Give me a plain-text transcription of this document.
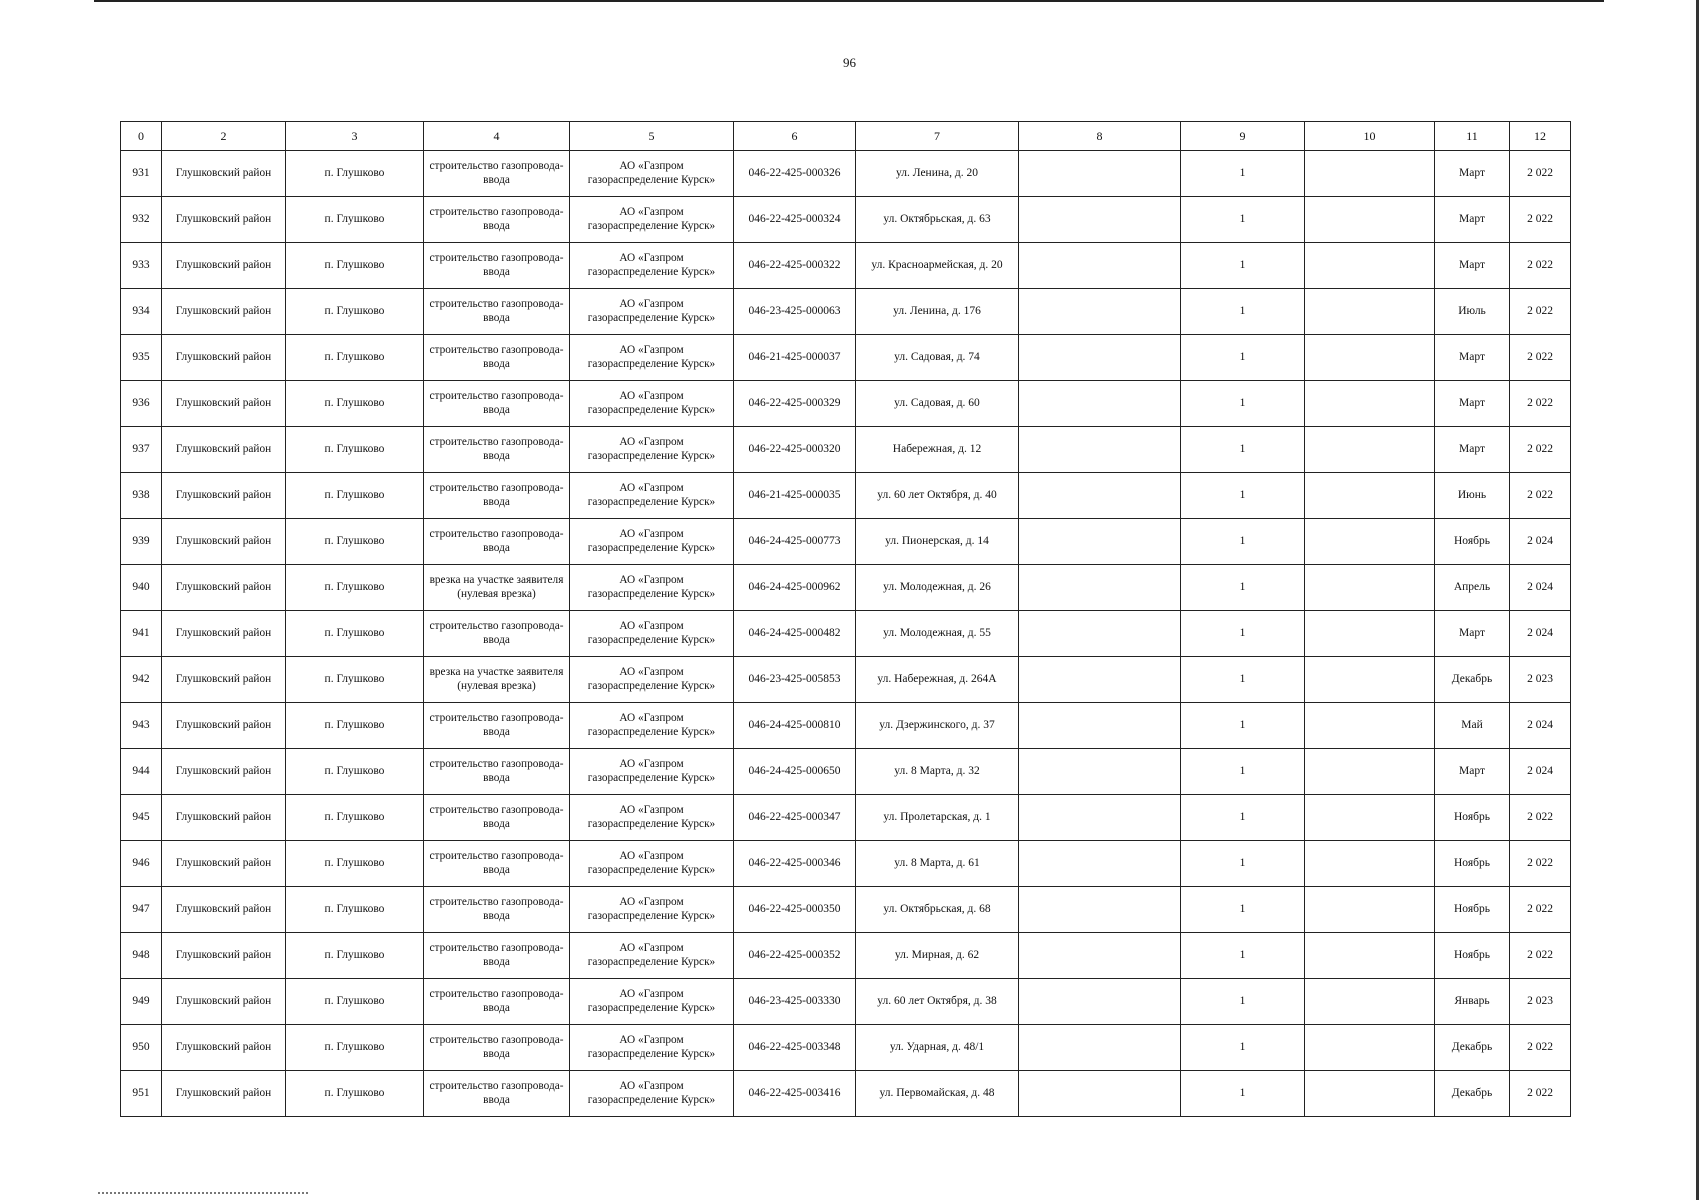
96
0	2	3	4	5	6	7	8	9	10	11	12
931	Глушковский район	п. Глушково	строительство газопровода-ввода	АО «Газпром газораспределение Курск»	046-22-425-000326	ул. Ленина, д. 20		1		Март	2 022
932	Глушковский район	п. Глушково	строительство газопровода-ввода	АО «Газпром газораспределение Курск»	046-22-425-000324	ул. Октябрьская, д. 63		1		Март	2 022
933	Глушковский район	п. Глушково	строительство газопровода-ввода	АО «Газпром газораспределение Курск»	046-22-425-000322	ул. Красноармейская, д. 20		1		Март	2 022
934	Глушковский район	п. Глушково	строительство газопровода-ввода	АО «Газпром газораспределение Курск»	046-23-425-000063	ул. Ленина, д. 176		1		Июль	2 022
935	Глушковский район	п. Глушково	строительство газопровода-ввода	АО «Газпром газораспределение Курск»	046-21-425-000037	ул. Садовая, д. 74		1		Март	2 022
936	Глушковский район	п. Глушково	строительство газопровода-ввода	АО «Газпром газораспределение Курск»	046-22-425-000329	ул. Садовая, д. 60		1		Март	2 022
937	Глушковский район	п. Глушково	строительство газопровода-ввода	АО «Газпром газораспределение Курск»	046-22-425-000320	Набережная, д. 12		1		Март	2 022
938	Глушковский район	п. Глушково	строительство газопровода-ввода	АО «Газпром газораспределение Курск»	046-21-425-000035	ул. 60 лет Октября, д. 40		1		Июнь	2 022
939	Глушковский район	п. Глушково	строительство газопровода-ввода	АО «Газпром газораспределение Курск»	046-24-425-000773	ул. Пионерская, д. 14		1		Ноябрь	2 024
940	Глушковский район	п. Глушково	врезка на участке заявителя (нулевая врезка)	АО «Газпром газораспределение Курск»	046-24-425-000962	ул. Молодежная, д. 26		1		Апрель	2 024
941	Глушковский район	п. Глушково	строительство газопровода-ввода	АО «Газпром газораспределение Курск»	046-24-425-000482	ул. Молодежная, д. 55		1		Март	2 024
942	Глушковский район	п. Глушково	врезка на участке заявителя (нулевая врезка)	АО «Газпром газораспределение Курск»	046-23-425-005853	ул. Набережная, д. 264А		1		Декабрь	2 023
943	Глушковский район	п. Глушково	строительство газопровода-ввода	АО «Газпром газораспределение Курск»	046-24-425-000810	ул. Дзержинского, д. 37		1		Май	2 024
944	Глушковский район	п. Глушково	строительство газопровода-ввода	АО «Газпром газораспределение Курск»	046-24-425-000650	ул. 8 Марта, д. 32		1		Март	2 024
945	Глушковский район	п. Глушково	строительство газопровода-ввода	АО «Газпром газораспределение Курск»	046-22-425-000347	ул. Пролетарская, д. 1		1		Ноябрь	2 022
946	Глушковский район	п. Глушково	строительство газопровода-ввода	АО «Газпром газораспределение Курск»	046-22-425-000346	ул. 8 Марта, д. 61		1		Ноябрь	2 022
947	Глушковский район	п. Глушково	строительство газопровода-ввода	АО «Газпром газораспределение Курск»	046-22-425-000350	ул. Октябрьская, д. 68		1		Ноябрь	2 022
948	Глушковский район	п. Глушково	строительство газопровода-ввода	АО «Газпром газораспределение Курск»	046-22-425-000352	ул. Мирная, д. 62		1		Ноябрь	2 022
949	Глушковский район	п. Глушково	строительство газопровода-ввода	АО «Газпром газораспределение Курск»	046-23-425-003330	ул. 60 лет Октября, д. 38		1		Январь	2 023
950	Глушковский район	п. Глушково	строительство газопровода-ввода	АО «Газпром газораспределение Курск»	046-22-425-003348	ул. Ударная, д. 48/1		1		Декабрь	2 022
951	Глушковский район	п. Глушково	строительство газопровода-ввода	АО «Газпром газораспределение Курск»	046-22-425-003416	ул. Первомайская, д. 48		1		Декабрь	2 022
